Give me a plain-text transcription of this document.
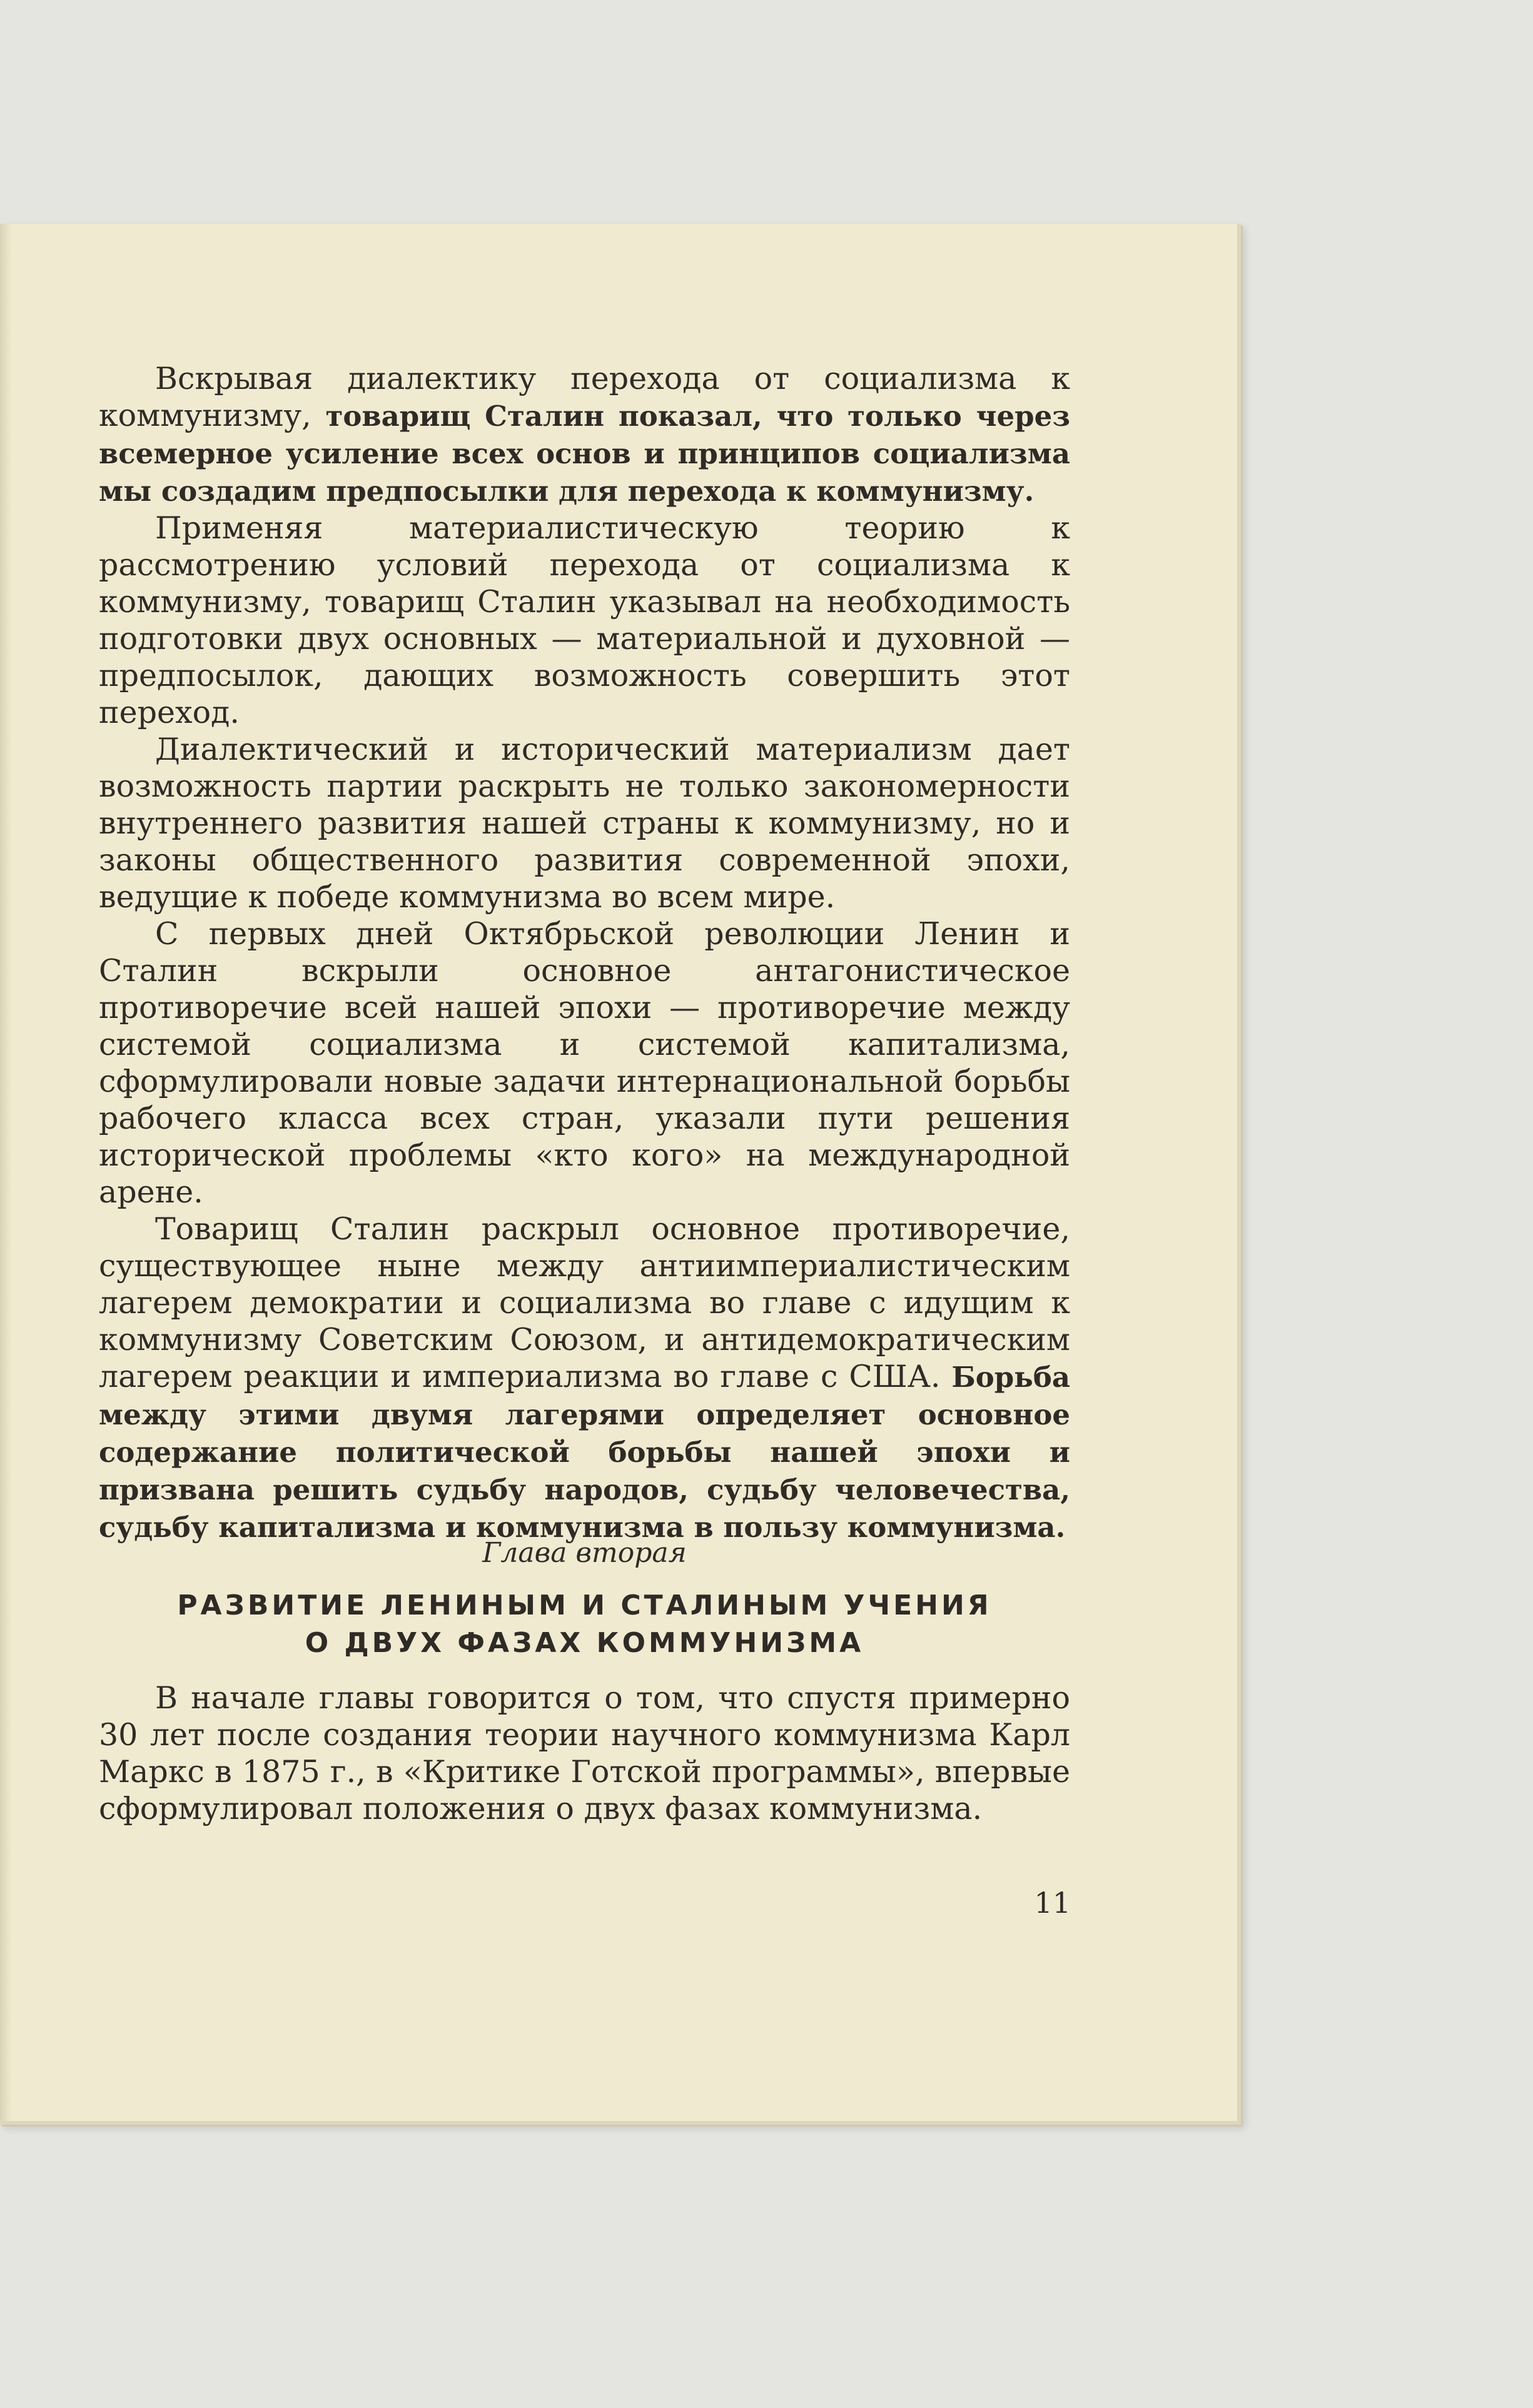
Вскрывая диалектику перехода от социализма к коммунизму, товарищ Сталин показал, что только через всемерное усиление всех основ и принципов социализма мы создадим предпосылки для перехода к коммунизму.

Применяя материалистическую теорию к рассмотрению условий перехода от социализма к коммунизму, товарищ Сталин указывал на необходимость подготовки двух основных — материальной и духовной — предпосылок, дающих возможность совершить этот переход.

Диалектический и исторический материализм дает возможность партии раскрыть не только закономерности внутреннего развития нашей страны к коммунизму, но и законы общественного развития современной эпохи, ведущие к победе коммунизма во всем мире.

С первых дней Октябрьской революции Ленин и Сталин вскрыли основное антагонистическое противоречие всей нашей эпохи — противоречие между системой социализма и системой капитализма, сформулировали новые задачи интернациональной борьбы рабочего класса всех стран, указали пути решения исторической проблемы «кто кого» на международной арене.

Товарищ Сталин раскрыл основное противоречие, существующее ныне между антиимпериалистическим лагерем демократии и социализма во главе с идущим к коммунизму Советским Союзом, и антидемократическим лагерем реакции и империализма во главе с США. Борьба между этими двумя лагерями определяет основное содержание политической борьбы нашей эпохи и призвана решить судьбу народов, судьбу человечества, судьбу капитализма и коммунизма в пользу коммунизма.

Глава вторая
РАЗВИТИЕ ЛЕНИНЫМ И СТАЛИНЫМ УЧЕНИЯ
О ДВУХ ФАЗАХ КОММУНИЗМА

В начале главы говорится о том, что спустя примерно 30 лет после создания теории научного коммунизма Карл Маркс в 1875 г., в «Критике Готской программы», впервые сформулировал положения о двух фазах коммунизма.

11
